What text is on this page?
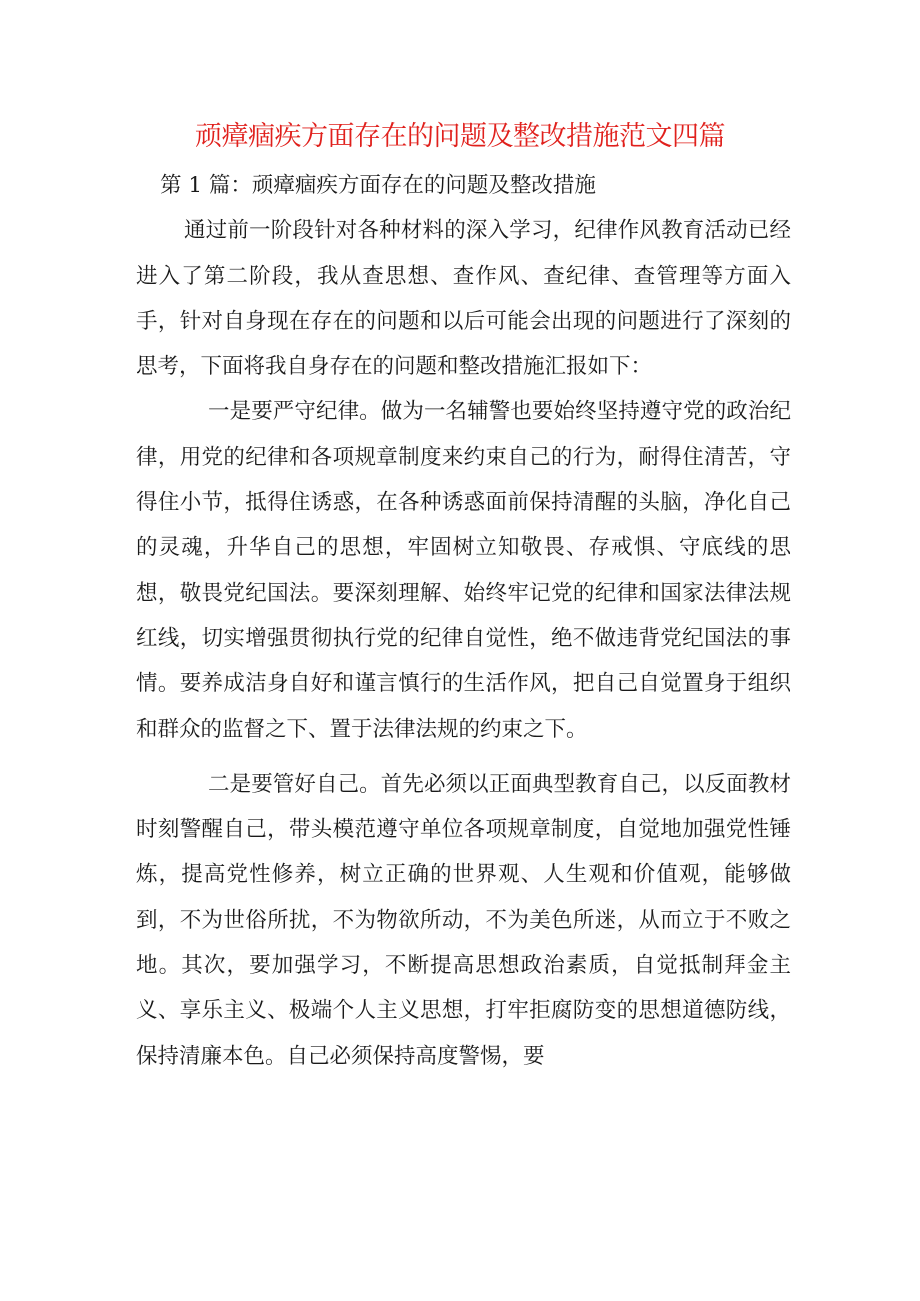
顽瘴痼疾方面存在的问题及整改措施范文四篇

第 1 篇：顽瘴痼疾方面存在的问题及整改措施

通过前一阶段针对各种材料的深入学习，纪律作风教育活动已经进入了第二阶段，我从查思想、查作风、查纪律、查管理等方面入手，针对自身现在存在的问题和以后可能会出现的问题进行了深刻的思考，下面将我自身存在的问题和整改措施汇报如下：

一是要严守纪律。做为一名辅警也要始终坚持遵守党的政治纪律，用党的纪律和各项规章制度来约束自己的行为，耐得住清苦，守得住小节，抵得住诱惑，在各种诱惑面前保持清醒的头脑，净化自己的灵魂，升华自己的思想，牢固树立知敬畏、存戒惧、守底线的思想，敬畏党纪国法。要深刻理解、始终牢记党的纪律和国家法律法规红线，切实增强贯彻执行党的纪律自觉性，绝不做违背党纪国法的事情。要养成洁身自好和谨言慎行的生活作风，把自己自觉置身于组织和群众的监督之下、置于法律法规的约束之下。

二是要管好自己。首先必须以正面典型教育自己，以反面教材时刻警醒自己，带头模范遵守单位各项规章制度，自觉地加强党性锤炼，提高党性修养，树立正确的世界观、人生观和价值观，能够做到，不为世俗所扰，不为物欲所动，不为美色所迷，从而立于不败之地。其次，要加强学习，不断提高思想政治素质，自觉抵制拜金主义、享乐主义、极端个人主义思想，打牢拒腐防变的思想道德防线，保持清廉本色。自己必须保持高度警惕，要
